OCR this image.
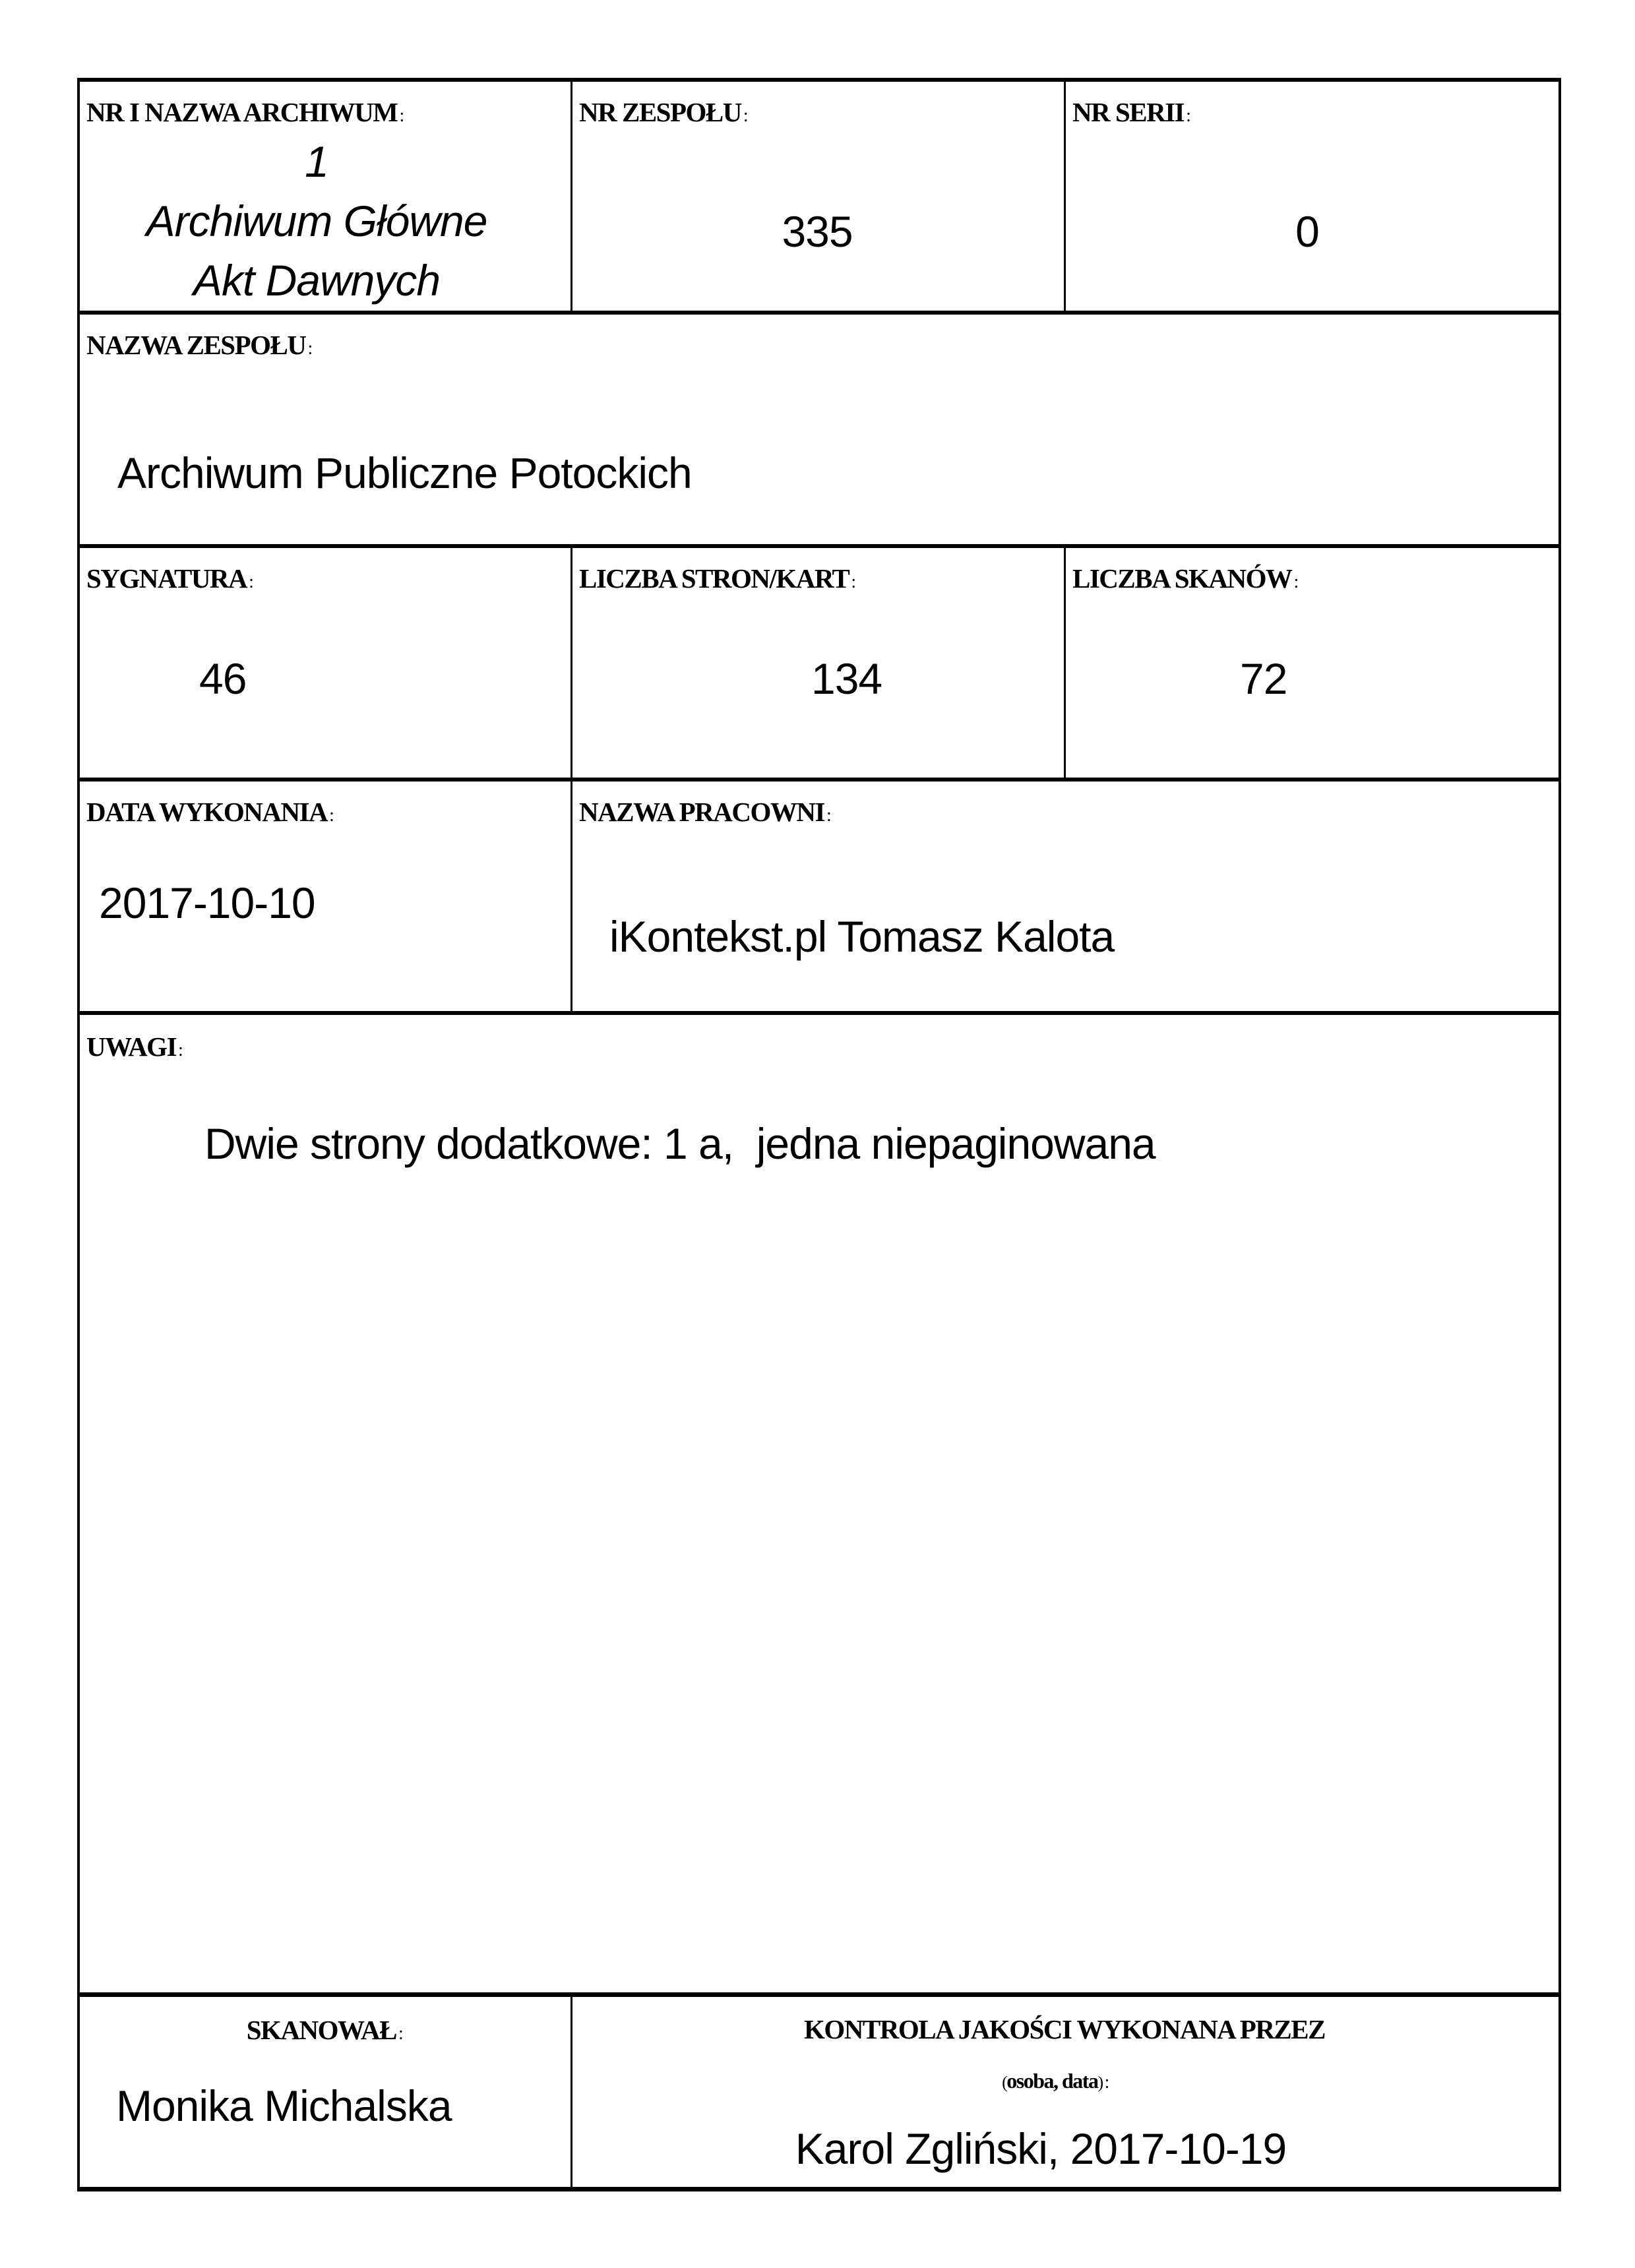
NR I NAZWA ARCHIWUM :
1
Archiwum Główne
Akt Dawnych
NR ZESPOŁU :
335
NR SERII :
0
NAZWA ZESPOŁU :
Archiwum Publiczne Potockich
SYGNATURA :
46
LICZBA STRON/KART :
134
LICZBA SKANÓW :
72
DATA WYKONANIA :
2017-10-10
NAZWA PRACOWNI :
iKontekst.pl Tomasz Kalota
UWAGI :
Dwie strony dodatkowe: 1 a,  jedna niepaginowana
SKANOWAŁ :
Monika Michalska
KONTROLA JAKOŚCI WYKONANA PRZEZ
(osoba, data) :
Karol Zgliński, 2017-10-19
